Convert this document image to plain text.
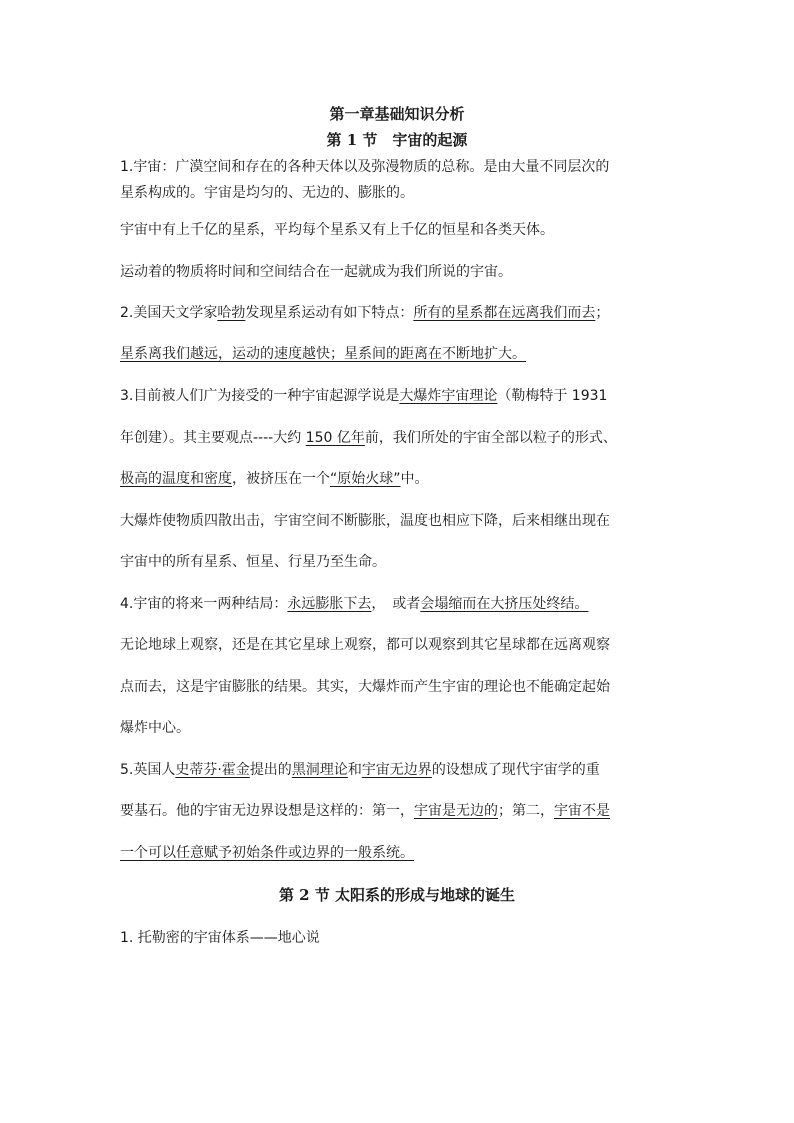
第一章基础知识分析
第 1 节　宇宙的起源
1.宇宙：广漠空间和存在的各种天体以及弥漫物质的总称。是由大量不同层次的
星系构成的。宇宙是均匀的、无边的、膨胀的。
宇宙中有上千亿的星系，平均每个星系又有上千亿的恒星和各类天体。
运动着的物质将时间和空间结合在一起就成为我们所说的宇宙。
2.美国天文学家哈勃发现星系运动有如下特点：所有的星系都在远离我们而去；
星系离我们越远，运动的速度越快；星系间的距离在不断地扩大。
3.目前被人们广为接受的一种宇宙起源学说是大爆炸宇宙理论（勒梅特于 1931
年创建）。其主要观点----大约 150 亿年前，我们所处的宇宙全部以粒子的形式、
极高的温度和密度，被挤压在一个“原始火球”中。
大爆炸使物质四散出击，宇宙空间不断膨胀，温度也相应下降，后来相继出现在
宇宙中的所有星系、恒星、行星乃至生命。
4.宇宙的将来一两种结局：永远膨胀下去，　或者会塌缩而在大挤压处终结。
无论地球上观察，还是在其它星球上观察，都可以观察到其它星球都在远离观察
点而去，这是宇宙膨胀的结果。其实，大爆炸而产生宇宙的理论也不能确定起始
爆炸中心。
5.英国人史蒂芬·霍金提出的黑洞理论和宇宙无边界的设想成了现代宇宙学的重
要基石。他的宇宙无边界设想是这样的：第一，宇宙是无边的；第二，宇宙不是
一个可以任意赋予初始条件或边界的一般系统。
第 2 节 太阳系的形成与地球的诞生
1. 托勒密的宇宙体系——地心说
